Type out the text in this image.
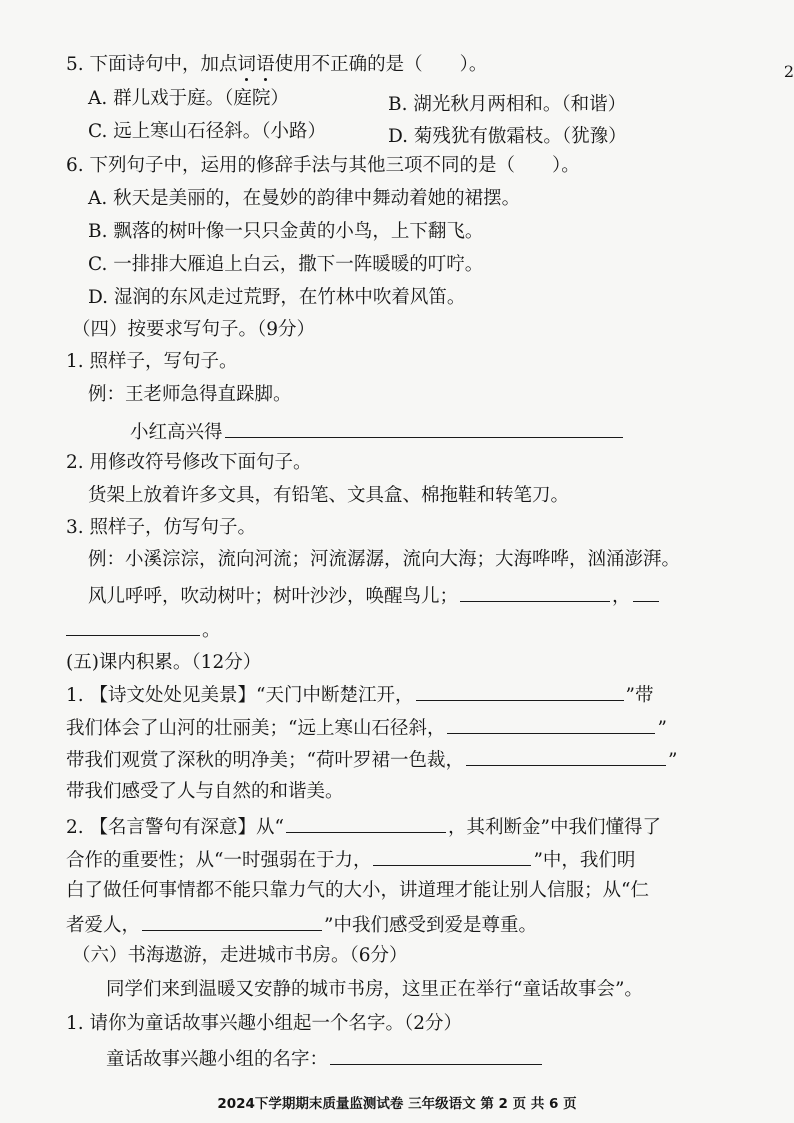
2
5. 下面诗句中，加点词语使用不正确的是（　　）。
A. 群儿戏于庭。（庭院）	B. 湖光秋月两相和。（和谐）
C. 远上寒山石径斜。（小路）	D. 菊残犹有傲霜枝。（犹豫）
6. 下列句子中，运用的修辞手法与其他三项不同的是（　　）。
A. 秋天是美丽的，在曼妙的韵律中舞动着她的裙摆。
B. 飘落的树叶像一只只金黄的小鸟，上下翻飞。
C. 一排排大雁追上白云，撒下一阵暖暖的叮咛。
D. 湿润的东风走过荒野，在竹林中吹着风笛。
（四）按要求写句子。（9分）
1. 照样子，写句子。
例：王老师急得直跺脚。
小红高兴得
2. 用修改符号修改下面句子。
货架上放着许多文具，有铅笔、文具盒、棉拖鞋和转笔刀。
3. 照样子，仿写句子。
例：小溪淙淙，流向河流；河流潺潺，流向大海；大海哗哗，汹涌澎湃。
风儿呼呼，吹动树叶；树叶沙沙，唤醒鸟儿；	，
。
(五)课内积累。（12分）
1. 【诗文处处见美景】“天门中断楚江开，	”带
我们体会了山河的壮丽美；“远上寒山石径斜，	”
带我们观赏了深秋的明净美；“荷叶罗裙一色裁，	”
带我们感受了人与自然的和谐美。
2. 【名言警句有深意】从“	，其利断金”中我们懂得了
合作的重要性；从“一时强弱在于力，	”中，我们明
白了做任何事情都不能只靠力气的大小，讲道理才能让别人信服；从“仁
者爱人，	”中我们感受到爱是尊重。
（六）书海遨游，走进城市书房。（6分）
同学们来到温暖又安静的城市书房，这里正在举行“童话故事会”。
1. 请你为童话故事兴趣小组起一个名字。（2分）
童话故事兴趣小组的名字：
2024下学期期末质量监测试卷 三年级语文 第 2 页 共 6 页
